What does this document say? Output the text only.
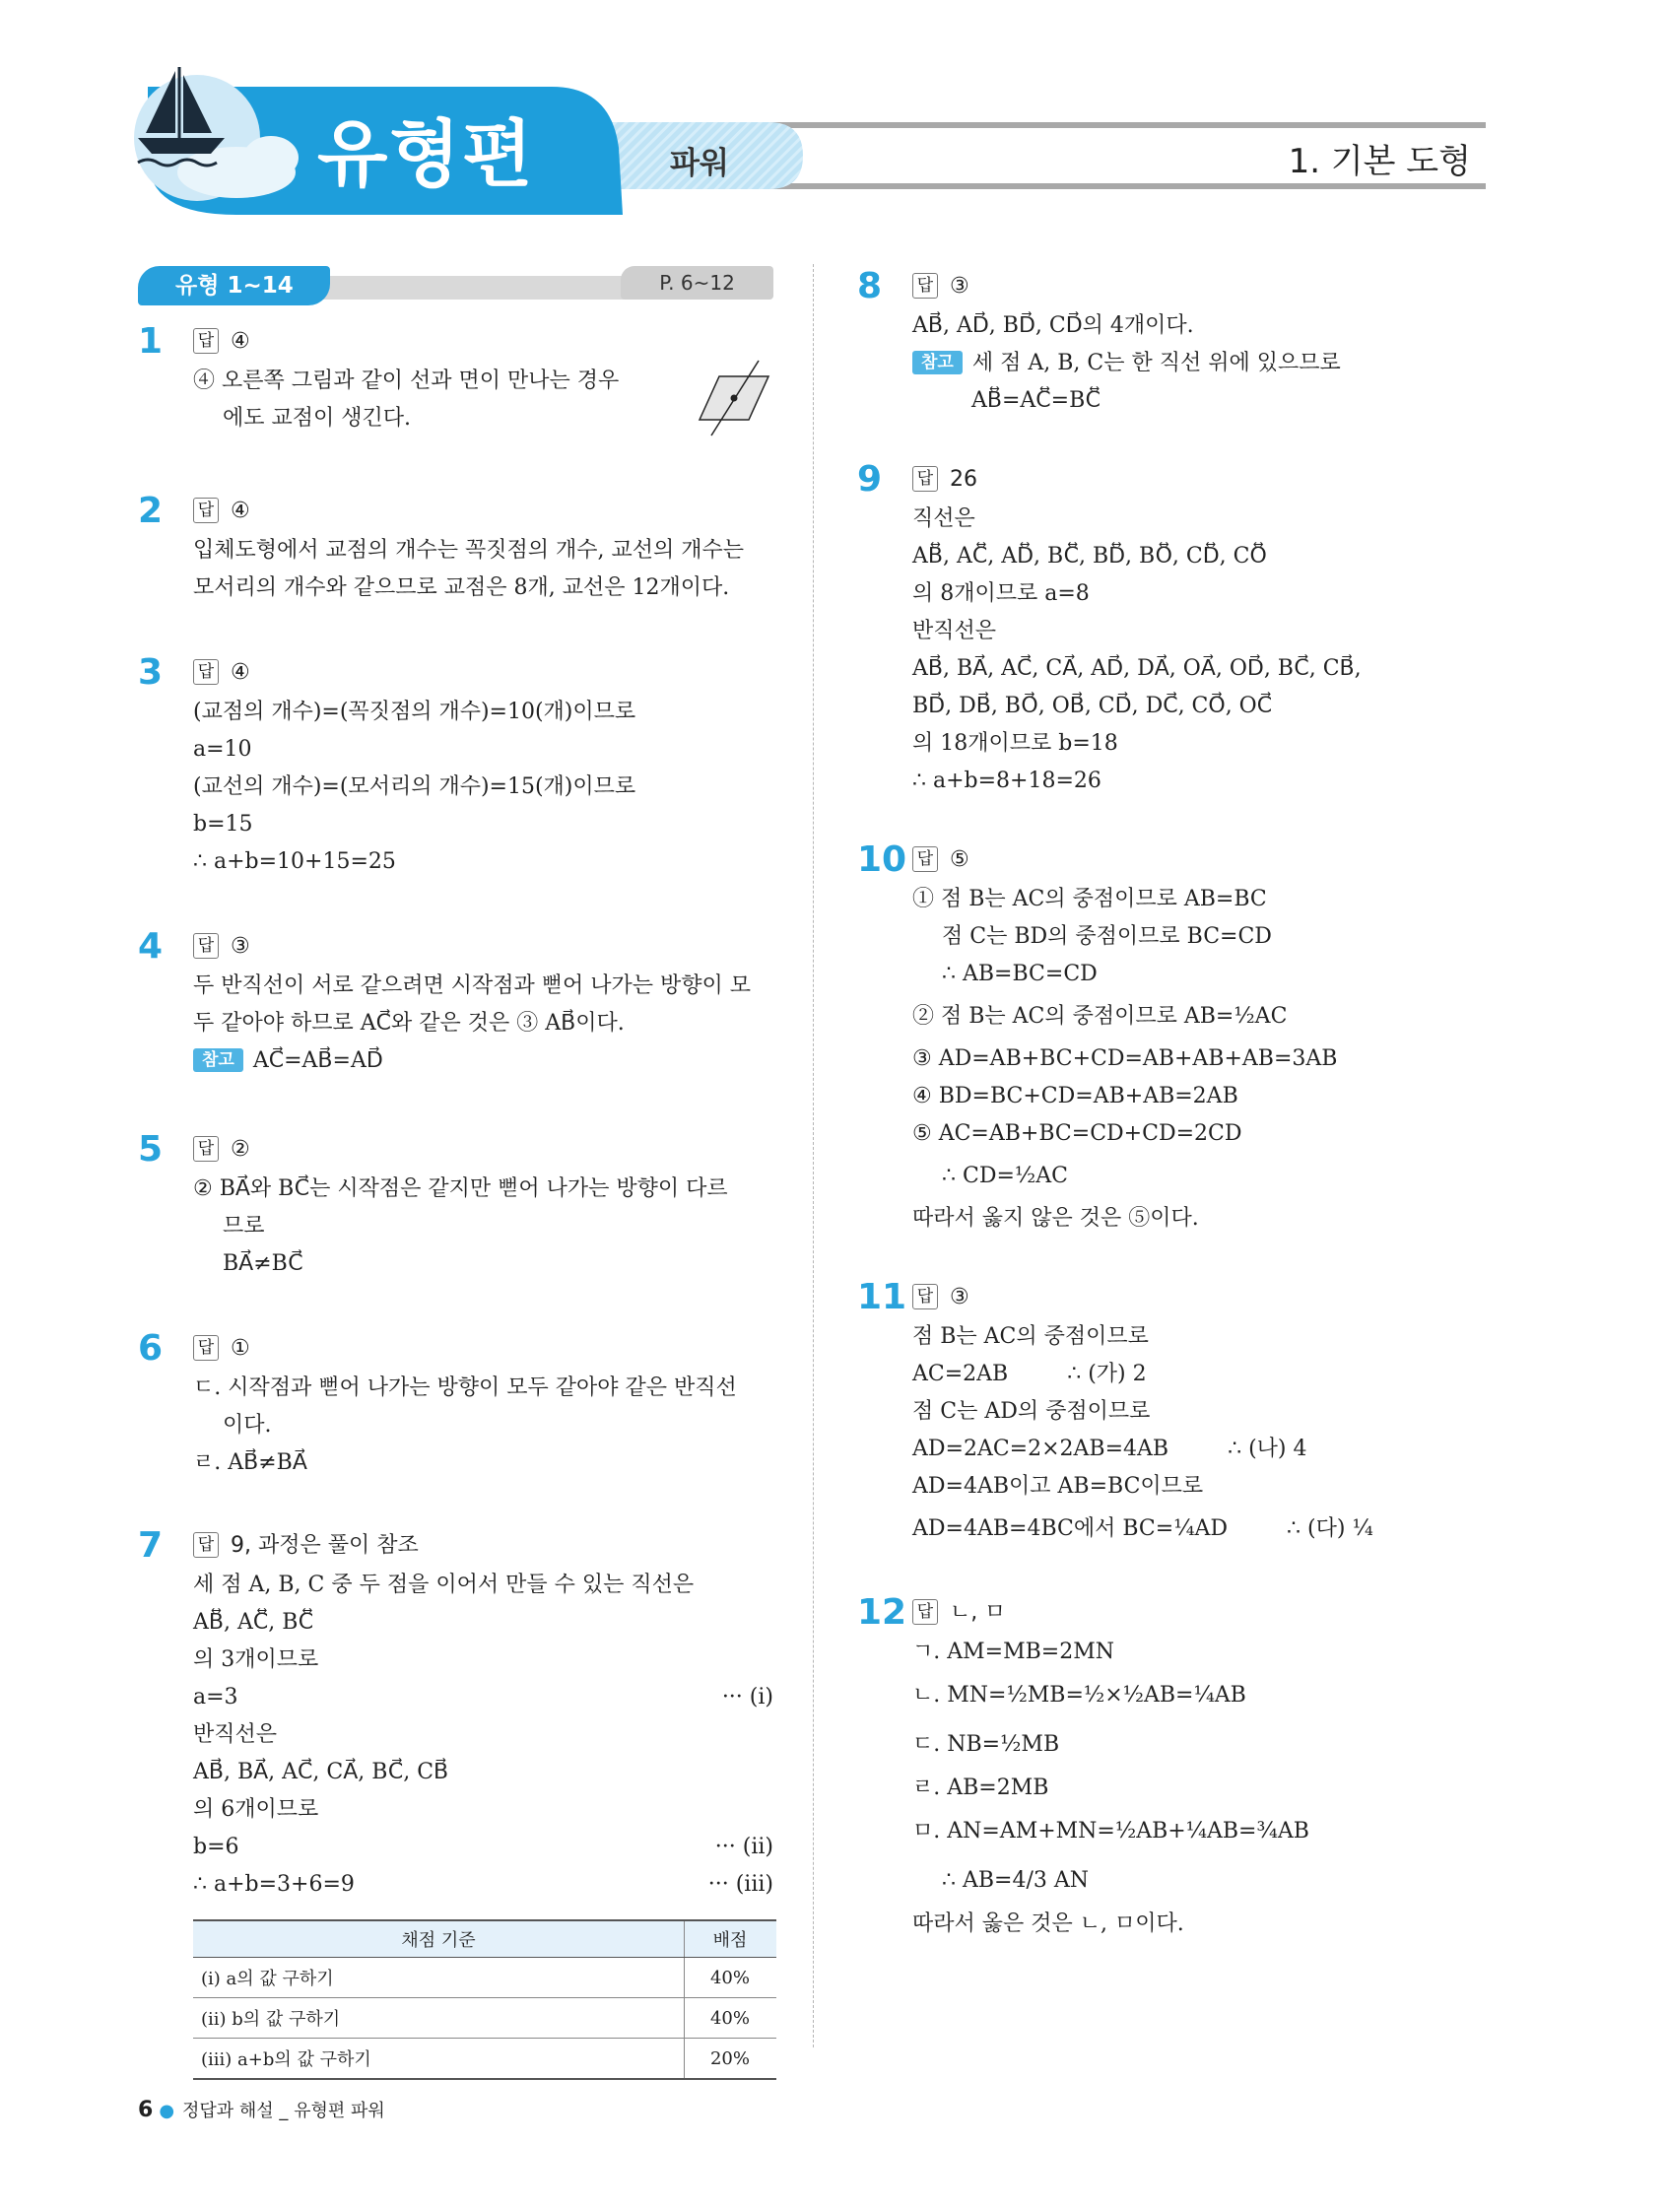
유형편	파워	1. 기본 도형
P. 6~12
유형 1~14
1 답 ④
④ 오른쪽 그림과 같이 선과 면이 만나는 경우
에도 교점이 생긴다.
2 답 ④
입체도형에서 교점의 개수는 꼭짓점의 개수, 교선의 개수는
모서리의 개수와 같으므로 교점은 8개, 교선은 12개이다.
3 답 ④
(교점의 개수)=(꼭짓점의 개수)=10(개)이므로
a=10
(교선의 개수)=(모서리의 개수)=15(개)이므로
b=15
∴ a+b=10+15=25
4 답 ③
두 반직선이 서로 같으려면 시작점과 뻗어 나가는 방향이 모
두 같아야 하므로 AC⃗와 같은 것은 ③ AB⃗이다.
참고 AC⃗=AB⃗=AD⃗
5 답 ②
② BA⃗와 BC⃗는 시작점은 같지만 뻗어 나가는 방향이 다르
므로
BA⃗≠BC⃗
6 답 ①
ㄷ. 시작점과 뻗어 나가는 방향이 모두 같아야 같은 반직선
이다.
ㄹ. AB⃗≠BA⃗
7 답 9, 과정은 풀이 참조
세 점 A, B, C 중 두 점을 이어서 만들 수 있는 직선은
AB⃡, AC⃡, BC⃡
의 3개이므로
a=3	··· (i)
반직선은
AB⃗, BA⃗, AC⃗, CA⃗, BC⃗, CB⃗
의 6개이므로
b=6	··· (ii)
∴ a+b=3+6=9	··· (iii)
채점 기준	배점
(i) a의 값 구하기	40%
(ii) b의 값 구하기	40%
(iii) a+b의 값 구하기	20%
8 답 ③
AB⃗, AD⃗, BD⃗, CD⃗의 4개이다.
참고 세 점 A, B, C는 한 직선 위에 있으므로
AB⃡=AC⃡=BC⃡
9 답 26
직선은
AB⃡, AC⃡, AD⃡, BC⃡, BD⃡, BO⃡, CD⃡, CO⃡
의 8개이므로 a=8
반직선은
AB⃗, BA⃗, AC⃗, CA⃗, AD⃗, DA⃗, OA⃗, OD⃗, BC⃗, CB⃗,
BD⃗, DB⃗, BO⃗, OB⃗, CD⃗, DC⃗, CO⃗, OC⃗
의 18개이므로 b=18
∴ a+b=8+18=26
10 답 ⑤
① 점 B는 AC의 중점이므로 AB=BC
점 C는 BD의 중점이므로 BC=CD
∴ AB=BC=CD
② 점 B는 AC의 중점이므로 AB=½AC
③ AD=AB+BC+CD=AB+AB+AB=3AB
④ BD=BC+CD=AB+AB=2AB
⑤ AC=AB+BC=CD+CD=2CD
∴ CD=½AC
따라서 옳지 않은 것은 ⑤이다.
11 답 ③
점 B는 AC의 중점이므로
AC=2AB	∴ (가) 2
점 C는 AD의 중점이므로
AD=2AC=2×2AB=4AB	∴ (나) 4
AD=4AB이고 AB=BC이므로
AD=4AB=4BC에서 BC=¼AD	∴ (다) ¼
12 답 ㄴ, ㅁ
ㄱ. AM=MB=2MN
ㄴ. MN=½MB=½×½AB=¼AB
ㄷ. NB=½MB
ㄹ. AB=2MB
ㅁ. AN=AM+MN=½AB+¼AB=¾AB
∴ AB=4/3 AN
따라서 옳은 것은 ㄴ, ㅁ이다.
6 ● 정답과 해설 _ 유형편 파워
